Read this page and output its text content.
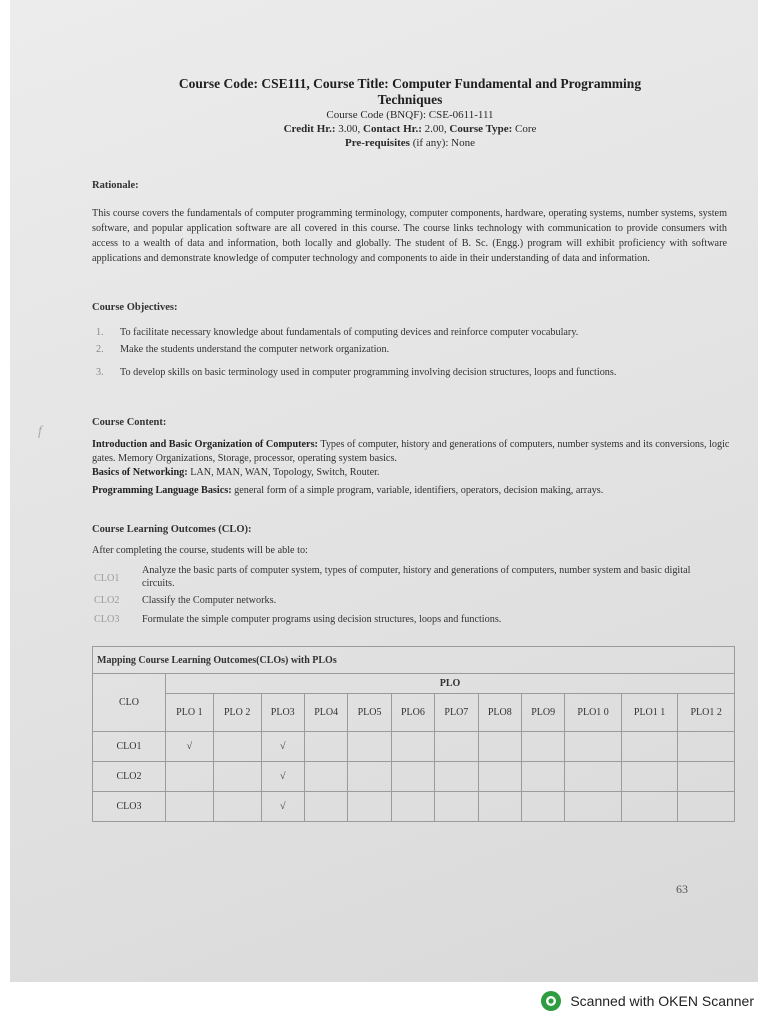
Course Code: CSE111, Course Title: Computer Fundamental and Programming
Techniques
Course Code (BNQF): CSE-0611-111
Credit Hr.: 3.00, Contact Hr.: 2.00, Course Type: Core
Pre-requisites (if any): None
Rationale:
This course covers the fundamentals of computer programming terminology, computer components, hardware, operating systems, number systems, system software, and popular application software are all covered in this course. The course links technology with communication to provide consumers with access to a wealth of data and information, both locally and globally. The student of B. Sc. (Engg.) program will exhibit proficiency with software applications and demonstrate knowledge of computer technology and components to aide in their understanding of data and information.
Course Objectives:
1.	To facilitate necessary knowledge about fundamentals of computing devices and reinforce computer vocabulary.
2.	Make the students understand the computer network organization.
3.	To develop skills on basic terminology used in computer programming involving decision structures, loops and functions.
f
Course Content:
Introduction and Basic Organization of Computers: Types of computer, history and generations of computers, number systems and its conversions, logic gates. Memory Organizations, Storage, processor, operating system basics.
Basics of Networking: LAN, MAN, WAN, Topology, Switch, Router.
Programming Language Basics: general form of a simple program, variable, identifiers, operators, decision making, arrays.
Course Learning Outcomes (CLO):
After completing the course, students will be able to:
CLO1
Analyze the basic parts of computer system, types of computer, history and generations of computers, number system and basic digital circuits.
CLO2 Classify the Computer networks.
CLO3 Formulate the simple computer programs using decision structures, loops and functions.
Mapping Course Learning Outcomes(CLOs) with PLOs												
CLO	PLO											
	PLO 1	PLO 2	PLO3	PLO4	PLO5	PLO6	PLO7	PLO8	PLO9	PLO1 0	PLO1 1	PLO1 2
CLO1	√		√									
CLO2			√									
CLO3			√									
63
Scanned with OKEN Scanner
